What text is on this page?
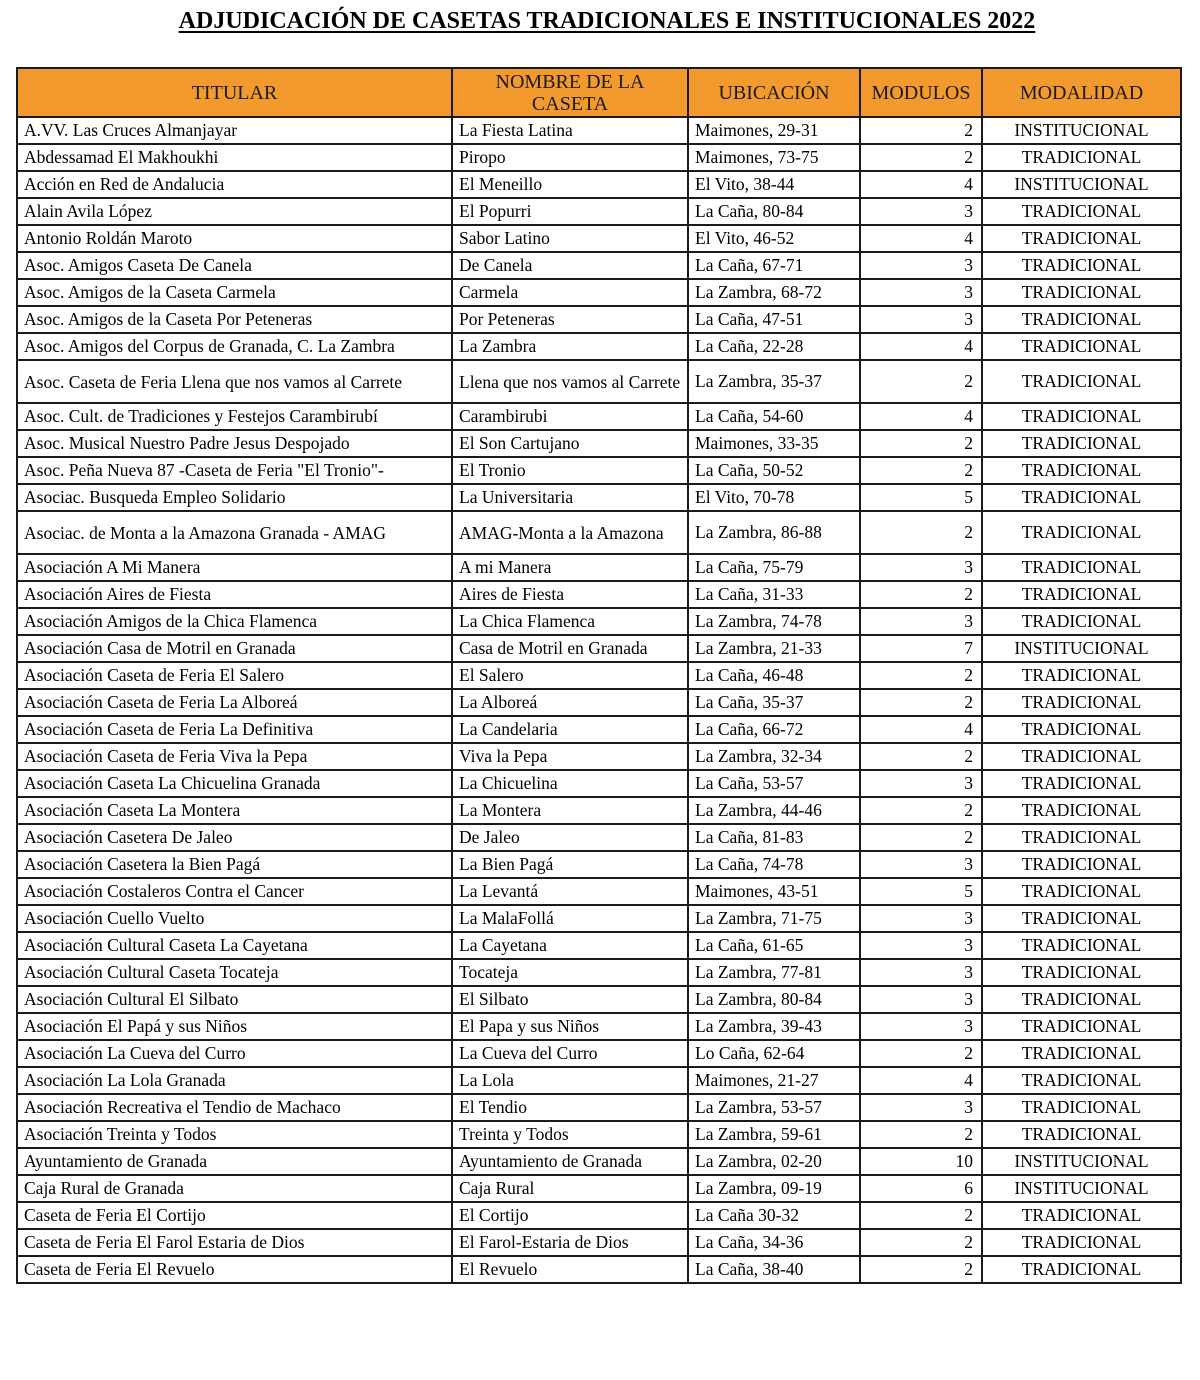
ADJUDICACIÓN DE CASETAS TRADICIONALES E INSTITUCIONALES 2022
TITULAR	NOMBRE DE LA CASETA	UBICACIÓN	MODULOS	MODALIDAD
A.VV. Las Cruces Almanjayar	La Fiesta Latina	Maimones, 29-31	2	INSTITUCIONAL
Abdessamad El Makhoukhi	Piropo	Maimones, 73-75	2	TRADICIONAL
Acción en Red de Andalucia	El Meneillo	El Vito, 38-44	4	INSTITUCIONAL
Alain Avila López	El Popurri	La Caña, 80-84	3	TRADICIONAL
Antonio Roldán Maroto	Sabor Latino	El Vito, 46-52	4	TRADICIONAL
Asoc. Amigos Caseta De Canela	De Canela	La Caña, 67-71	3	TRADICIONAL
Asoc. Amigos de la Caseta Carmela	Carmela	La Zambra, 68-72	3	TRADICIONAL
Asoc. Amigos de la Caseta Por Peteneras	Por Peteneras	La Caña, 47-51	3	TRADICIONAL
Asoc. Amigos del Corpus de Granada, C. La Zambra	La Zambra	La Caña, 22-28	4	TRADICIONAL
Asoc. Caseta de Feria Llena que nos vamos al Carrete	Llena que nos vamos al Carrete	La Zambra, 35-37	2	TRADICIONAL
Asoc. Cult. de Tradiciones y Festejos Carambirubí	Carambirubi	La Caña, 54-60	4	TRADICIONAL
Asoc. Musical Nuestro Padre Jesus Despojado	El Son Cartujano	Maimones, 33-35	2	TRADICIONAL
Asoc. Peña Nueva 87 -Caseta de Feria "El Tronio"-	El Tronio	La Caña, 50-52	2	TRADICIONAL
Asociac. Busqueda Empleo Solidario	La Universitaria	El Vito, 70-78	5	TRADICIONAL
Asociac. de Monta a la Amazona Granada - AMAG	AMAG-Monta a la Amazona	La Zambra, 86-88	2	TRADICIONAL
Asociación A Mi Manera	A mi Manera	La Caña, 75-79	3	TRADICIONAL
Asociación Aires de Fiesta	Aires de Fiesta	La Caña, 31-33	2	TRADICIONAL
Asociación Amigos de la Chica Flamenca	La Chica Flamenca	La Zambra, 74-78	3	TRADICIONAL
Asociación Casa de Motril en Granada	Casa de Motril en Granada	La Zambra, 21-33	7	INSTITUCIONAL
Asociación Caseta de Feria El Salero	El Salero	La Caña, 46-48	2	TRADICIONAL
Asociación Caseta de Feria La Alboreá	La Alboreá	La Caña, 35-37	2	TRADICIONAL
Asociación Caseta de Feria La Definitiva	La Candelaria	La Caña, 66-72	4	TRADICIONAL
Asociación Caseta de Feria Viva la Pepa	Viva la Pepa	La Zambra, 32-34	2	TRADICIONAL
Asociación Caseta La Chicuelina Granada	La Chicuelina	La Caña, 53-57	3	TRADICIONAL
Asociación Caseta La Montera	La Montera	La Zambra, 44-46	2	TRADICIONAL
Asociación Casetera De Jaleo	De Jaleo	La Caña, 81-83	2	TRADICIONAL
Asociación Casetera la Bien Pagá	La Bien Pagá	La Caña, 74-78	3	TRADICIONAL
Asociación Costaleros Contra el Cancer	La Levantá	Maimones, 43-51	5	TRADICIONAL
Asociación Cuello Vuelto	La MalaFollá	La Zambra, 71-75	3	TRADICIONAL
Asociación Cultural Caseta La Cayetana	La Cayetana	La Caña, 61-65	3	TRADICIONAL
Asociación Cultural Caseta Tocateja	Tocateja	La Zambra, 77-81	3	TRADICIONAL
Asociación Cultural El Silbato	El Silbato	La Zambra, 80-84	3	TRADICIONAL
Asociación El Papá y sus Niños	El Papa y sus Niños	La Zambra, 39-43	3	TRADICIONAL
Asociación La Cueva del Curro	La Cueva del Curro	Lo Caña, 62-64	2	TRADICIONAL
Asociación La Lola Granada	La Lola	Maimones, 21-27	4	TRADICIONAL
Asociación Recreativa el Tendio de Machaco	El Tendio	La Zambra, 53-57	3	TRADICIONAL
Asociación Treinta y Todos	Treinta y Todos	La Zambra, 59-61	2	TRADICIONAL
Ayuntamiento de Granada	Ayuntamiento de Granada	La Zambra, 02-20	10	INSTITUCIONAL
Caja Rural de Granada	Caja Rural	La Zambra, 09-19	6	INSTITUCIONAL
Caseta de Feria El Cortijo	El Cortijo	La Caña 30-32	2	TRADICIONAL
Caseta de Feria El Farol Estaria de Dios	El Farol-Estaria de Dios	La Caña, 34-36	2	TRADICIONAL
Caseta de Feria El Revuelo	El Revuelo	La Caña, 38-40	2	TRADICIONAL
